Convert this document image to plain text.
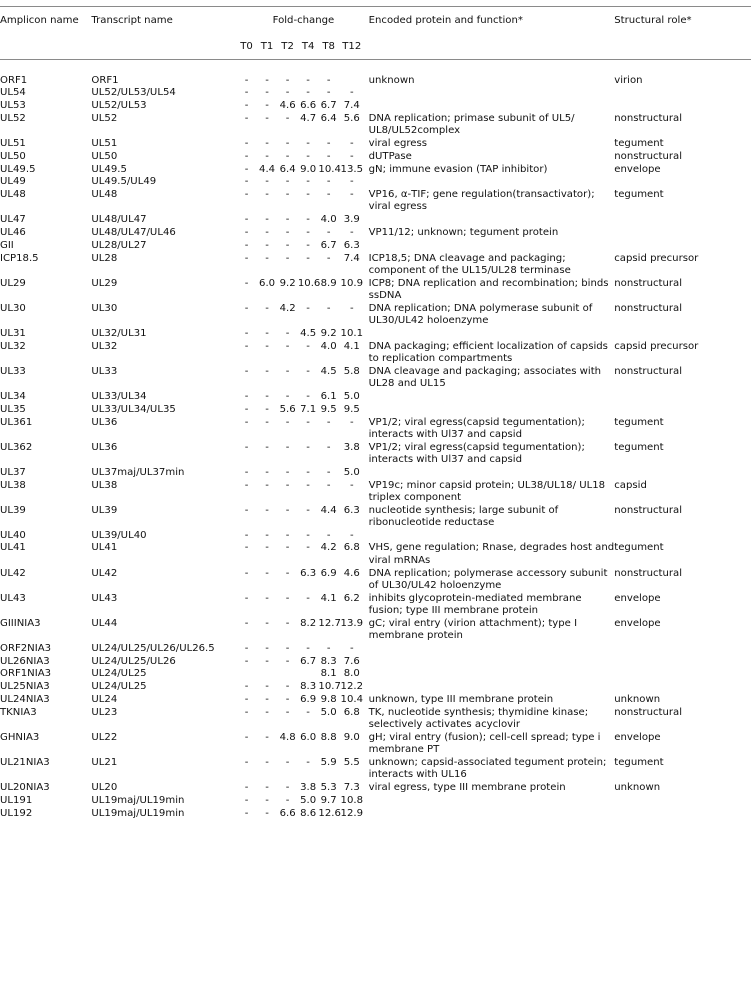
Amplicon name	Transcript name	Fold-change						Encoded protein and function*	Structural role*
		T0	T1	T2	T4	T8	T12		

ORF1	ORF1	-	-	-	-	-		unknown	virion
UL54	UL52/UL53/UL54	-	-	-	-	-	-		
UL53	UL52/UL53	-	-	4.6	6.6	6.7	7.4		
UL52	UL52	-	-	-	4.7	6.4	5.6	DNA replication; primase subunit of UL5/ UL8/UL52complex	nonstructural
UL51	UL51	-	-	-	-	-	-	viral egress	tegument
UL50	UL50	-	-	-	-	-	-	dUTPase	nonstructural
UL49.5	UL49.5	-	4.4	6.4	9.0	10.4	13.5	gN; immune evasion (TAP inhibitor)	envelope
UL49	UL49.5/UL49	-	-	-	-	-	-		
UL48	UL48	-	-	-	-	-	-	VP16, α-TIF; gene regulation(transactivator); viral egress	tegument
UL47	UL48/UL47	-	-	-	-	4.0	3.9		
UL46	UL48/UL47/UL46	-	-	-	-	-	-	VP11/12; unknown; tegument protein	
GII	UL28/UL27	-	-	-	-	6.7	6.3		
ICP18.5	UL28	-	-	-	-	-	7.4	ICP18,5; DNA cleavage and packaging; component of the UL15/UL28 terminase	capsid precursor
UL29	UL29	-	6.0	9.2	10.6	8.9	10.9	ICP8; DNA replication and recombination; binds ssDNA	nonstructural
UL30	UL30	-	-	4.2	-	-	-	DNA replication; DNA polymerase subunit of UL30/UL42 holoenzyme	nonstructural
UL31	UL32/UL31	-	-	-	4.5	9.2	10.1		
UL32	UL32	-	-	-	-	4.0	4.1	DNA packaging; efficient localization of capsids to replication compartments	capsid precursor
UL33	UL33	-	-	-	-	4.5	5.8	DNA cleavage and packaging; associates with UL28 and UL15	nonstructural
UL34	UL33/UL34	-	-	-	-	6.1	5.0		
UL35	UL33/UL34/UL35	-	-	5.6	7.1	9.5	9.5		
UL361	UL36	-	-	-	-	-	-	VP1/2; viral egress(capsid tegumentation); interacts with Ul37 and capsid	tegument
UL362	UL36	-	-	-	-	-	3.8	VP1/2; viral egress(capsid tegumentation); interacts with Ul37 and capsid	tegument
UL37	UL37maj/UL37min	-	-	-	-	-	5.0		
UL38	UL38	-	-	-	-	-	-	VP19c; minor capsid protein; UL38/UL18/ UL18 triplex component	capsid
UL39	UL39	-	-	-	-	4.4	6.3	nucleotide synthesis; large subunit of ribonucleotide reductase	nonstructural
UL40	UL39/UL40	-	-	-	-	-	-		
UL41	UL41	-	-	-	-	4.2	6.8	VHS, gene regulation; Rnase, degrades host and viral mRNAs	tegument
UL42	UL42	-	-	-	6.3	6.9	4.6	DNA replication; polymerase accessory subunit of UL30/UL42 holoenzyme	nonstructural
UL43	UL43	-	-	-	-	4.1	6.2	inhibits glycoprotein-mediated membrane fusion; type III membrane protein	envelope
GIIINIA3	UL44	-	-	-	8.2	12.7	13.9	gC; viral entry (virion attachment); type I membrane protein	envelope
ORF2NIA3	UL24/UL25/UL26/UL26.5	-	-	-	-	-	-		
UL26NIA3	UL24/UL25/UL26	-	-	-	6.7	8.3	7.6		
ORF1NIA3	UL24/UL25					8.1	8.0		
UL25NIA3	UL24/UL25	-	-	-	8.3	10.7	12.2		
UL24NIA3	UL24	-	-	-	6.9	9.8	10.4	unknown, type III membrane protein	unknown
TKNIA3	UL23	-	-	-	-	5.0	6.8	TK, nucleotide synthesis; thymidine kinase; selectively activates acyclovir	nonstructural
GHNIA3	UL22	-	-	4.8	6.0	8.8	9.0	gH; viral entry (fusion); cell-cell spread; type i membrane PT	envelope
UL21NIA3	UL21	-	-	-	-	5.9	5.5	unknown; capsid-associated tegument protein; interacts with UL16	tegument
UL20NIA3	UL20	-	-	-	3.8	5.3	7.3	viral egress, type III membrane protein	unknown
UL191	UL19maj/UL19min	-	-	-	5.0	9.7	10.8		
UL192	UL19maj/UL19min	-	-	6.6	8.6	12.6	12.9		
